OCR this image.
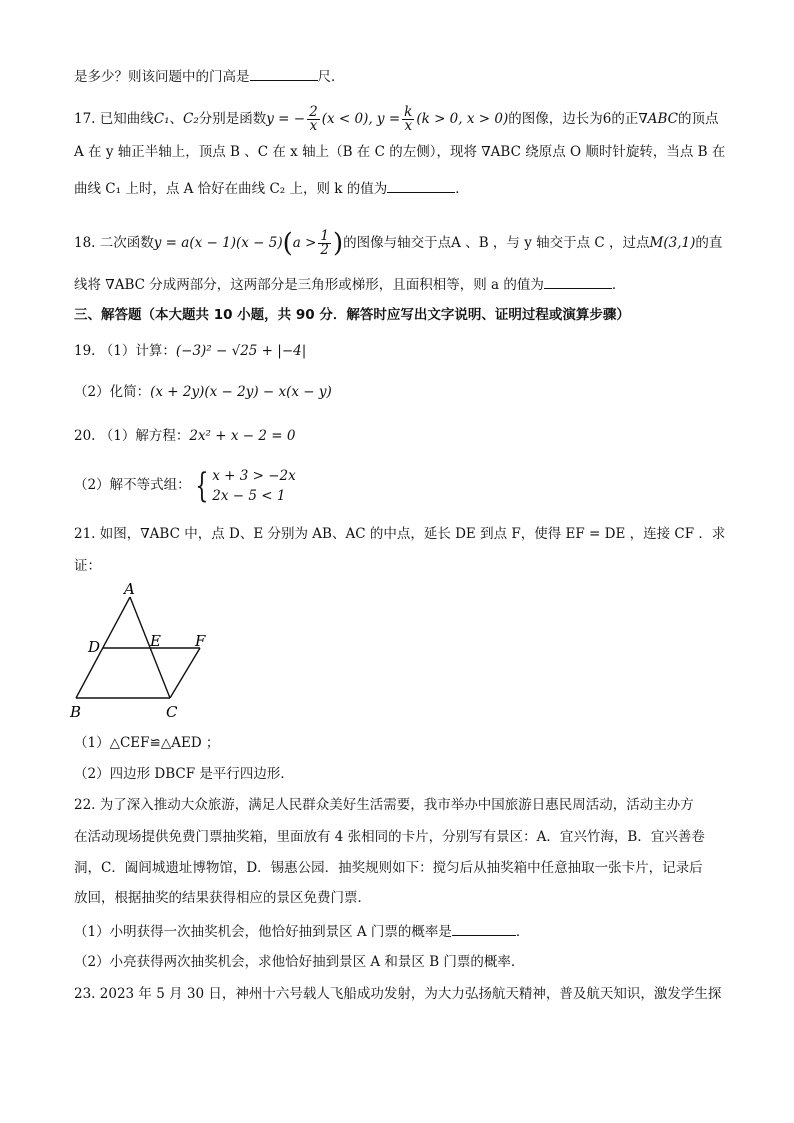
是多少？则该问题中的门高是	尺．
17. 已知曲线C₁、C₂分别是函数y = − $\frac{2}{x} (x < 0)$, $y = \frac{k}{x} (k > 0$, x > 0)的图像，边长为6的正∇ABC的顶点
A 在 y 轴正半轴上，顶点 B 、C 在 x 轴上（B 在 C 的左侧），现将 ∇ABC 绕原点 O 顺时针旋转，当点 B 在
曲线 C₁ 上时，点 A 恰好在曲线 C₂ 上，则 k 的值为	．
18. 二次函数$y = a(x - 1)(x - 5)(a > \frac{1}{2}$ )的图像与轴交于点A 、B ，与 y 轴交于点 C ，过点M(3,1)的直
线将 ∇ABC 分成两部分，这两部分是三角形或梯形，且面积相等，则 a 的值为	．
三、解答题（本大题共 10 小题，共 90 分．解答时应写出文字说明、证明过程或演算步骤）
19. （1）计算：(−3)² − √25 + |−4|
（2）化简：(x + 2y)(x − 2y) − x(x − y)
20. （1）解方程：2x² + x − 2 = 0
（2）解不等式组： { x + 3 > −2x
2x − 5 < 1
21. 如图，∇ABC 中，点 D、E 分别为 AB、AC 的中点，延长 DE 到点 F，使得 EF = DE ，连接 CF ．求
证：
A
D	E F
B	C
（1）△CEF≌△AED ；
（2）四边形 DBCF 是平行四边形．
22. 为了深入推动大众旅游，满足人民群众美好生活需要，我市举办中国旅游日惠民周活动，活动主办方
在活动现场提供免费门票抽奖箱，里面放有 4 张相同的卡片，分别写有景区：A．宜兴竹海，B．宜兴善卷
洞，C．阖闾城遗址博物馆，D．锡惠公园．抽奖规则如下：搅匀后从抽奖箱中任意抽取一张卡片，记录后
放回，根据抽奖的结果获得相应的景区免费门票．
（1）小明获得一次抽奖机会，他恰好抽到景区 A 门票的概率是	．
（2）小亮获得两次抽奖机会，求他恰好抽到景区 A 和景区 B 门票的概率．
23. 2023 年 5 月 30 日，神州十六号载人飞船成功发射，为大力弘扬航天精神，普及航天知识，激发学生探
